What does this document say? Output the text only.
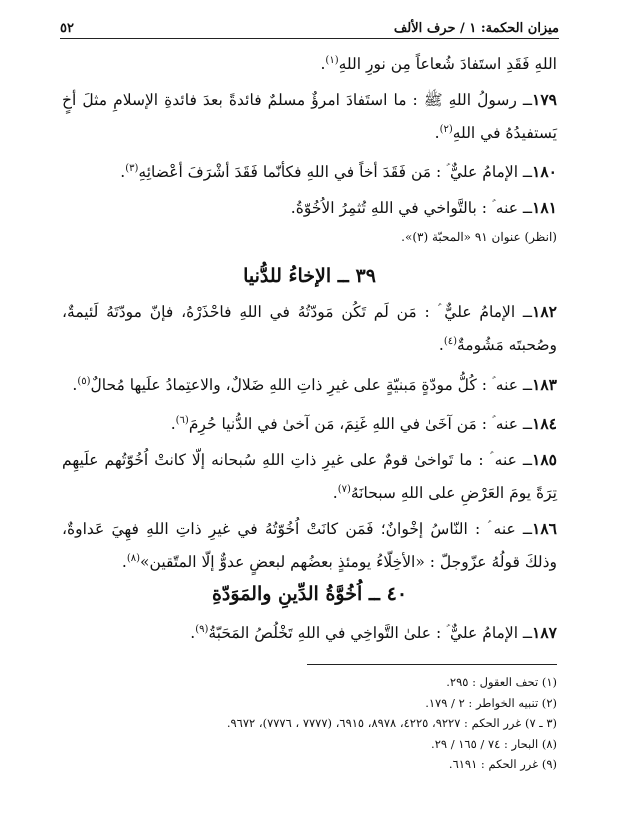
ميزان الحكمة: ١ / حرف الألف
٥٢

اللهِ فَقَدِ استَفادَ شُعاعاً مِن نورِ اللهِ$^{(١)}$.

١٧٩ــ رسولُ اللهِ ﷺ : ما استَفادَ امرؤٌ مسلمٌ فائدةً بعدَ فائدةِ الإسلامِ مثلَ أخٍ يَستفيدُهُ في اللهِ$^{(٢)}$.

١٨٠ــ الإمامُ عليٌّ ؑ : مَن فَقَدَ أخاً في اللهِ فكأنّما فَقَدَ أشْرَفَ أعْضائِهِ$^{(٣)}$.

١٨١ــ عنه ؑ : بالتَّواخي في اللهِ تُثمِرُ الاُخُوّةُ.

(انظر) عنوان ٩١ «المحبّة (٣)».
٣٩ ــ الإخاءُ للدُّنيا

١٨٢ــ الإمامُ عليٌّ ؑ : مَن لَم تَكُن مَودّتُهُ في اللهِ فاحْذَرْهُ، فإنّ مودّتَهُ لَئيمةٌ، وصُحبتَه مَشُومةٌ$^{(٤)}$.

١٨٣ــ عنه ؑ : كُلُّ مودّةٍ مَبنيّةٍ على غيرِ ذاتِ اللهِ ضَلالٌ، والاعتِمادُ علَيها مُحالٌ$^{(٥)}$.

١٨٤ــ عنه ؑ : مَن آخَىٰ في اللهِ غَنِمَ، مَن آخىٰ في الدُّنيا حُرِمَ$^{(٦)}$.

١٨٥ــ عنه ؑ : ما تَواخىٰ قومٌ على غيرِ ذاتِ اللهِ سُبحانه إلّا كانتْ اُخُوّتُهم علَيهِم تِرَةً يومَ العَرْضِ على اللهِ سبحانَهُ$^{(٧)}$.

١٨٦ــ عنه ؑ : النّاسُ إخْوانٌ؛ فَمَن كانَتْ اُخُوّتُهُ في غيرِ ذاتِ اللهِ فهِيَ عَداوةٌ، وذلكَ قولُهُ عزّوجلّ : «الأخِلّاءُ يومئذٍ بعضُهم لبعضٍ عدوٌّ إلّا المتّقين»$^{(٨)}$.

٤٠ ــ اُخُوَّةُ الدِّينِ والمَوَدّةِ

١٨٧ــ الإمامُ عليٌّ ؑ : علىٰ التَّواخِي في اللهِ تَخْلُصُ المَحَبّةُ$^{(٩)}$.

(١) تحف العقول : ٢٩٥.
(٢) تنبيه الخواطر : ٢ / ١٧٩.
(٣ ـ ٧) غرر الحكم : ٩٢٢٧، ٤٢٢٥، ٨٩٧٨، ٦٩١٥، (٧٧٧٧ ، ٧٧٧٦)، ٩٦٧٢.
(٨) البحار : ٧٤ / ١٦٥ / ٢٩.
(٩) غرر الحكم : ٦١٩١.
